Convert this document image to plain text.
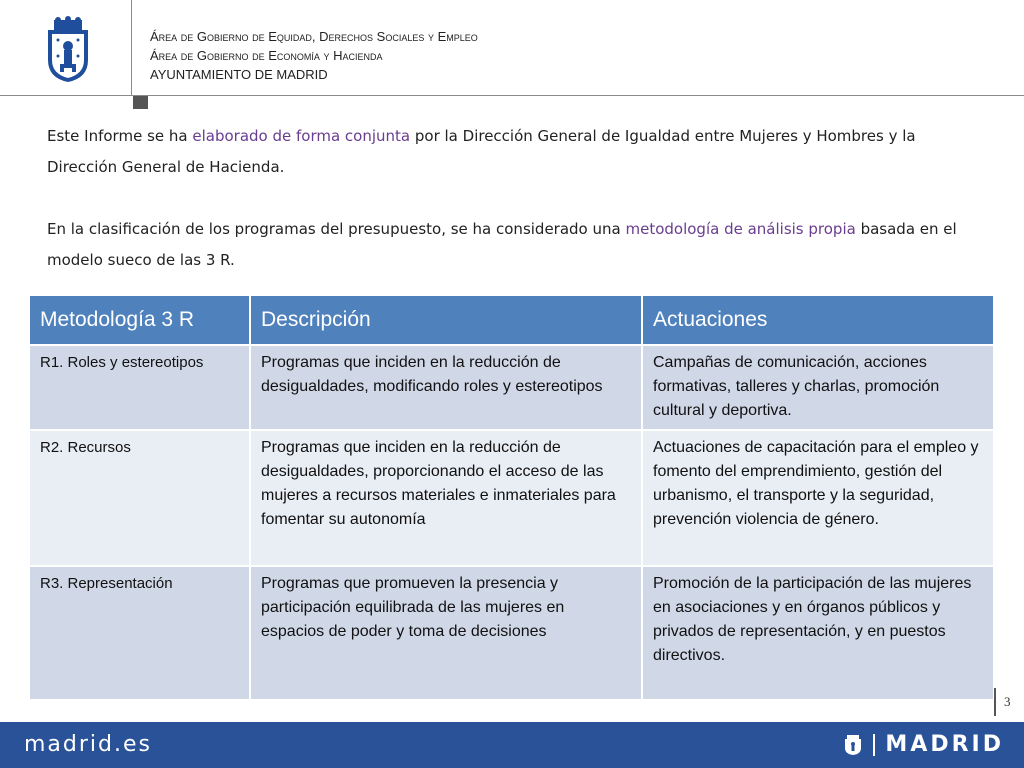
Área de Gobierno de Equidad, Derechos Sociales y Empleo
Área de Gobierno de Economía y Hacienda
AYUNTAMIENTO DE MADRID

Este Informe se ha elaborado de forma conjunta por la Dirección General de Igualdad entre Mujeres y Hombres y la Dirección General de Hacienda.

En la clasificación de los programas del presupuesto, se ha considerado una metodología de análisis propia basada en el modelo sueco de las 3 R.

Metodología 3 R	Descripción	Actuaciones
R1. Roles y estereotipos	Programas que inciden en la reducción de desigualdades, modificando roles y estereotipos	Campañas de comunicación, acciones formativas, talleres y charlas, promoción cultural y deportiva.
R2. Recursos	Programas que inciden en la reducción de desigualdades, proporcionando el acceso de las mujeres a recursos materiales e inmateriales para fomentar su autonomía	Actuaciones de capacitación para el empleo y fomento del emprendimiento, gestión del urbanismo, el transporte y la seguridad, prevención violencia de género.
R3. Representación	Programas que promueven la presencia y participación equilibrada de las mujeres en espacios de poder y toma de decisiones	Promoción de la participación de las mujeres en asociaciones y en órganos públicos y privados de representación, y en puestos directivos.
3
madrid.es	MADRID
